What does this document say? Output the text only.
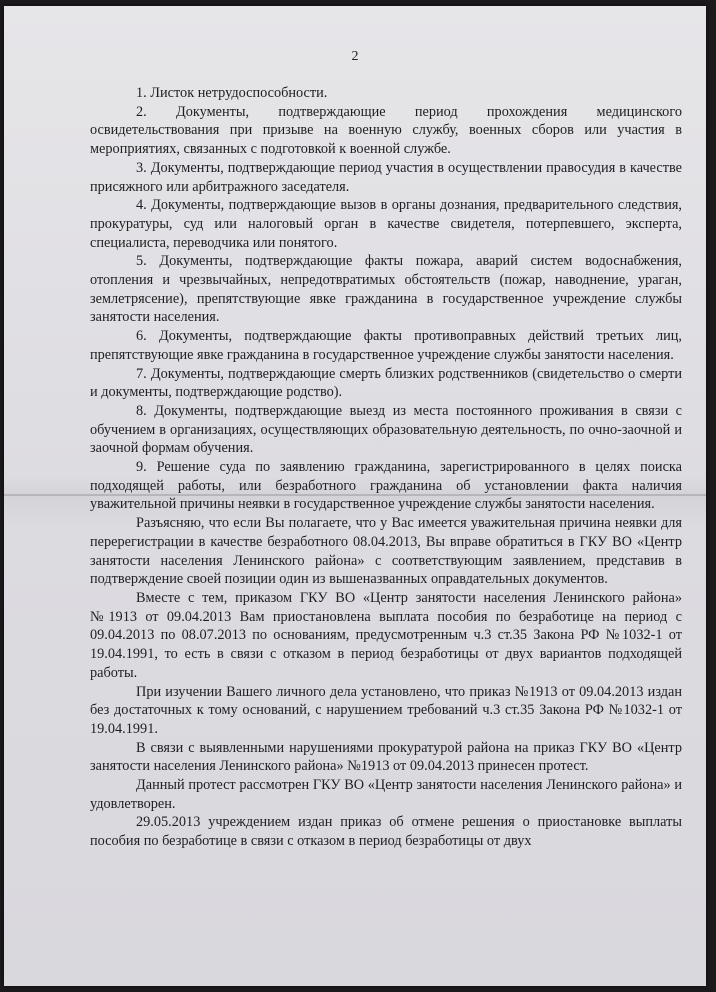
2

1. Листок нетрудоспособности.

2. Документы, подтверждающие период прохождения медицинского освидетельствования при призыве на военную службу, военных сборов или участия в мероприятиях, связанных с подготовкой к военной службе.

3. Документы, подтверждающие период участия в осуществлении правосудия в качестве присяжного или арбитражного заседателя.

4. Документы, подтверждающие вызов в органы дознания, предварительного следствия, прокуратуры, суд или налоговый орган в качестве свидетеля, потерпевшего, эксперта, специалиста, переводчика или понятого.

5. Документы, подтверждающие факты пожара, аварий систем водоснабжения, отопления и чрезвычайных, непредотвратимых обстоятельств (пожар, наводнение, ураган, землетрясение), препятствующие явке гражданина в государственное учреждение службы занятости населения.

6. Документы, подтверждающие факты противоправных действий третьих лиц, препятствующие явке гражданина в государственное учреждение службы занятости населения.

7. Документы, подтверждающие смерть близких родственников (свидетельство о смерти и документы, подтверждающие родство).

8. Документы, подтверждающие выезд из места постоянного проживания в связи с обучением в организациях, осуществляющих образовательную деятельность, по очно-заочной и заочной формам обучения.

9. Решение суда по заявлению гражданина, зарегистрированного в целях поиска подходящей работы, или безработного гражданина об установлении факта наличия уважительной причины неявки в государственное учреждение службы занятости населения.

Разъясняю, что если Вы полагаете, что у Вас имеется уважительная причина неявки для перерегистрации в качестве безработного 08.04.2013, Вы вправе обратиться в ГКУ ВО «Центр занятости населения Ленинского района» с соответствующим заявлением, представив в подтверждение своей позиции один из вышеназванных оправдательных документов.

Вместе с тем, приказом ГКУ ВО «Центр занятости населения Ленинского района» №1913 от 09.04.2013 Вам приостановлена выплата пособия по безработице на период с 09.04.2013 по 08.07.2013 по основаниям, предусмотренным ч.3 ст.35 Закона РФ №1032-1 от 19.04.1991, то есть в связи с отказом в период безработицы от двух вариантов подходящей работы.

При изучении Вашего личного дела установлено, что приказ №1913 от 09.04.2013 издан без достаточных к тому оснований, с нарушением требований ч.3 ст.35 Закона РФ №1032-1 от 19.04.1991.

В связи с выявленными нарушениями прокуратурой района на приказ ГКУ ВО «Центр занятости населения Ленинского района» №1913 от 09.04.2013 принесен протест.

Данный протест рассмотрен ГКУ ВО «Центр занятости населения Ленинского района» и удовлетворен.

29.05.2013 учреждением издан приказ об отмене решения о приостановке выплаты пособия по безработице в связи с отказом в период безработицы от двух
